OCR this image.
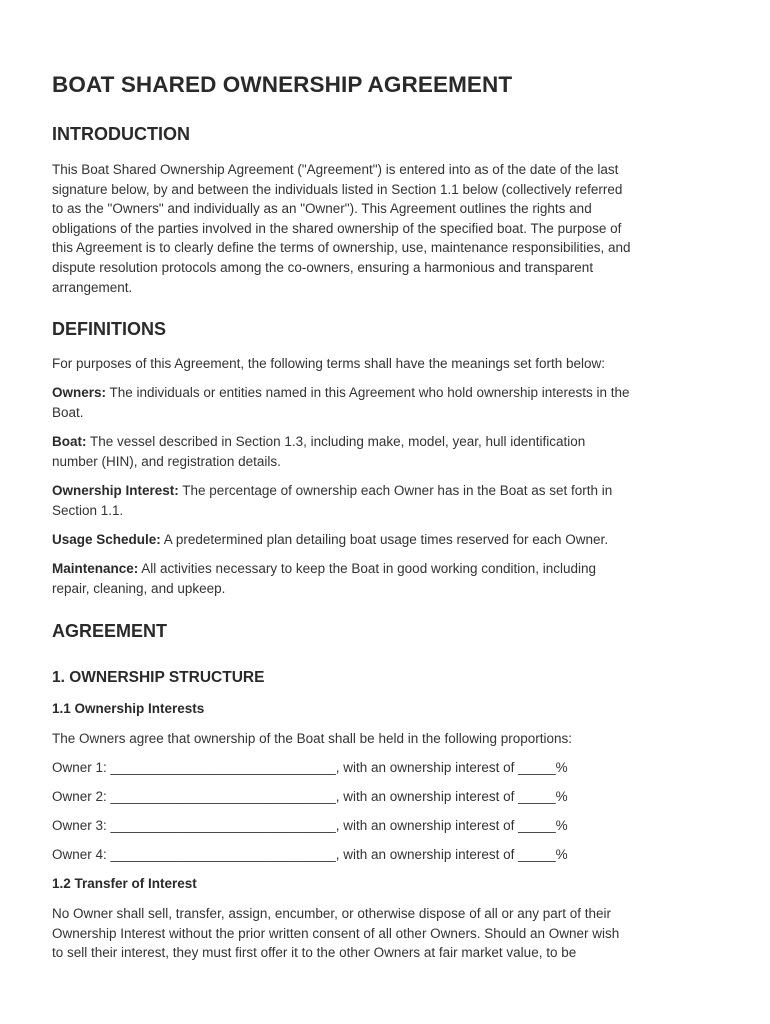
BOAT SHARED OWNERSHIP AGREEMENT
INTRODUCTION

This Boat Shared Ownership Agreement ("Agreement") is entered into as of the date of the last
signature below, by and between the individuals listed in Section 1.1 below (collectively referred
to as the "Owners" and individually as an "Owner"). This Agreement outlines the rights and
obligations of the parties involved in the shared ownership of the specified boat. The purpose of
this Agreement is to clearly define the terms of ownership, use, maintenance responsibilities, and
dispute resolution protocols among the co-owners, ensuring a harmonious and transparent
arrangement.

DEFINITIONS

For purposes of this Agreement, the following terms shall have the meanings set forth below:

Owners: The individuals or entities named in this Agreement who hold ownership interests in the
Boat.

Boat: The vessel described in Section 1.3, including make, model, year, hull identification
number (HIN), and registration details.

Ownership Interest: The percentage of ownership each Owner has in the Boat as set forth in
Section 1.1.

Usage Schedule: A predetermined plan detailing boat usage times reserved for each Owner.

Maintenance: All activities necessary to keep the Boat in good working condition, including
repair, cleaning, and upkeep.

AGREEMENT
1. OWNERSHIP STRUCTURE
1.1 Ownership Interests

The Owners agree that ownership of the Boat shall be held in the following proportions:

Owner 1: ______________________________, with an ownership interest of _____%

Owner 2: ______________________________, with an ownership interest of _____%

Owner 3: ______________________________, with an ownership interest of _____%

Owner 4: ______________________________, with an ownership interest of _____%

1.2 Transfer of Interest

No Owner shall sell, transfer, assign, encumber, or otherwise dispose of all or any part of their
Ownership Interest without the prior written consent of all other Owners. Should an Owner wish
to sell their interest, they must first offer it to the other Owners at fair market value, to be
